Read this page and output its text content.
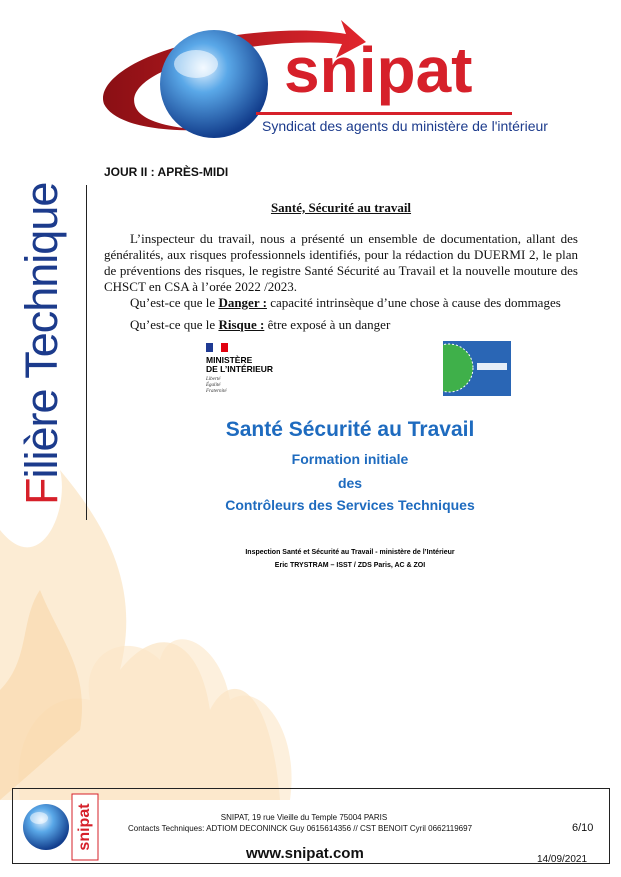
snipat
Syndicat des agents du ministère de l'intérieur
Filière Technique
JOUR II : APRÈS-MIDI
Santé, Sécurité au travail

L’inspecteur du travail, nous a présenté un ensemble de documentation, allant des généralités, aux risques professionnels identifiés, pour la rédaction du DUERMI 2, le plan de préventions des risques, le registre Santé Sécurité au Travail et la nouvelle mouture des CHSCT en CSA à l’orée 2022 /2023.

Qu’est-ce que le Danger : capacité intrinsèque d’une chose à cause des dommages
Qu’est-ce que le Risque : être exposé à un danger
MINISTÈRE
DE L’INTÉRIEUR
Liberté
Égalité
Fraternité
Santé Sécurité au Travail
Formation initiale
des
Contrôleurs des Services Techniques
Inspection Santé et Sécurité au Travail - ministère de l’Intérieur
Eric TRYSTRAM – ISST / ZDS Paris, AC & ZOI
snipat	SNIPAT, 19 rue Vieille du Temple 75004 PARIS
Contacts Techniques: ADTIOM DECONINCK Guy 0615614356 // CST BENOIT Cyril 0662119697	6/10
www.snipat.com	14/09/2021
